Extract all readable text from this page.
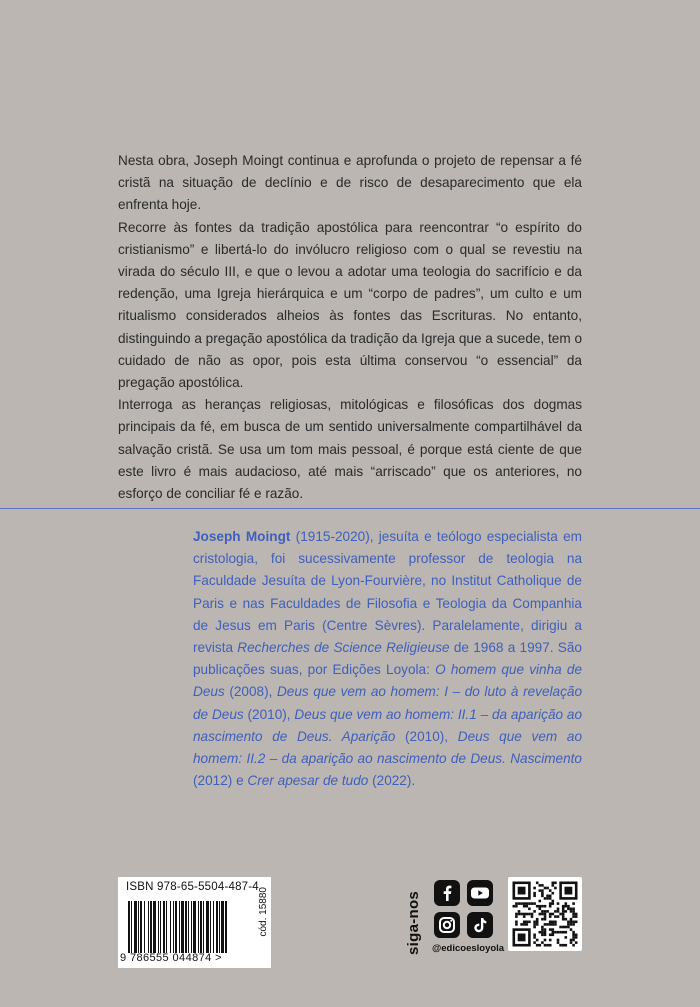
Nesta obra, Joseph Moingt continua e aprofunda o projeto de repensar a fé cristã na situação de declínio e de risco de desaparecimento que ela enfrenta hoje.

Recorre às fontes da tradição apostólica para reencontrar “o espírito do cristianismo” e libertá-lo do invólucro religioso com o qual se revestiu na virada do século III, e que o levou a adotar uma teologia do sacrifício e da redenção, uma Igreja hierárquica e um “corpo de padres”, um culto e um ritualismo considerados alheios às fontes das Escrituras. No entanto, distinguindo a pregação apostólica da tradição da Igreja que a sucede, tem o cuidado de não as opor, pois esta última conservou “o essencial” da pregação apostólica.

Interroga as heranças religiosas, mitológicas e filosóficas dos dogmas principais da fé, em busca de um sentido universalmente compartilhável da salvação cristã. Se usa um tom mais pessoal, é porque está ciente de que este livro é mais audacioso, até mais “arriscado” que os anteriores, no esforço de conciliar fé e razão.

Joseph Moingt (1915-2020), jesuíta e teólogo especialista em cristologia, foi sucessivamente professor de teologia na Faculdade Jesuíta de Lyon-Fourvière, no Institut Catholique de Paris e nas Faculdades de Filosofia e Teologia da Companhia de Jesus em Paris (Centre Sèvres). Paralelamente, dirigiu a revista Recherches de Science Religieuse de 1968 a 1997. São publicações suas, por Edições Loyola: O homem que vinha de Deus (2008), Deus que vem ao homem: I – do luto à revelação de Deus (2010), Deus que vem ao homem: II.1 – da aparição ao nascimento de Deus. Aparição (2010), Deus que vem ao homem: II.2 – da aparição ao nascimento de Deus. Nascimento (2012) e Crer apesar de tudo (2022).

ISBN 978-65-5504-487-4
9 786555 044874 >
cód. 15880	siga-nos @edicoesloyola
